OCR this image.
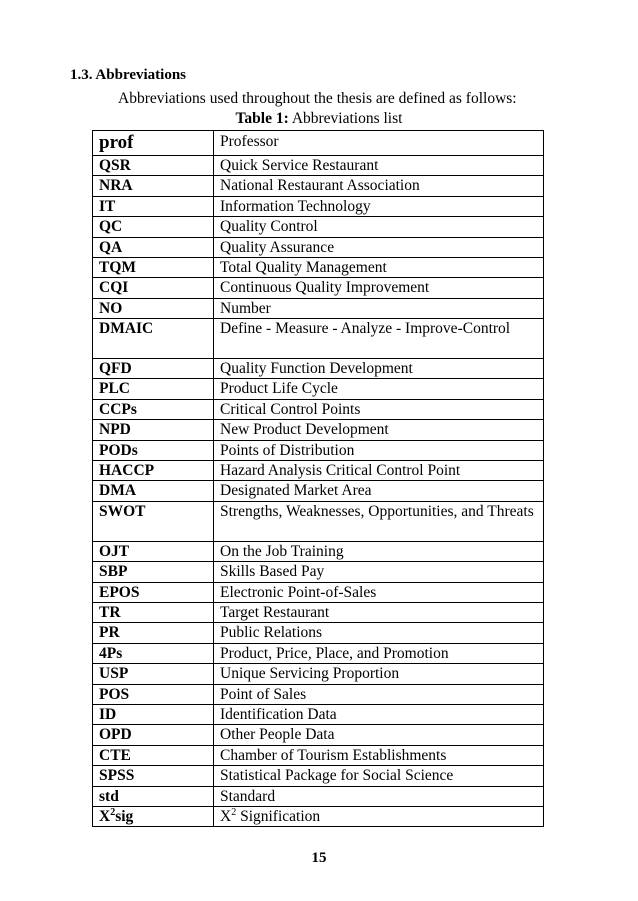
1.3. Abbreviations
Abbreviations used throughout the thesis are defined as follows:
Table 1: Abbreviations list
prof	Professor
QSR	Quick Service Restaurant
NRA	National Restaurant Association
IT	Information Technology
QC	Quality Control
QA	Quality Assurance
TQM	Total Quality Management
CQI	Continuous Quality Improvement
NO	Number
DMAIC	Define - Measure - Analyze - Improve-Control
QFD	Quality Function Development
PLC	Product Life Cycle
CCPs	Critical Control Points
NPD	New Product Development
PODs	Points of Distribution
HACCP	Hazard Analysis Critical Control Point
DMA	Designated Market Area
SWOT	Strengths, Weaknesses, Opportunities, and Threats
OJT	On the Job Training
SBP	Skills Based Pay
EPOS	Electronic Point-of-Sales
TR	Target Restaurant
PR	Public Relations
4Ps	Product, Price, Place, and Promotion
USP	Unique Servicing Proportion
POS	Point of Sales
ID	Identification Data
OPD	Other People Data
CTE	Chamber of Tourism Establishments
SPSS	Statistical Package for Social Science
std	Standard
$X^2sig$	$X^2$ Signification
15
